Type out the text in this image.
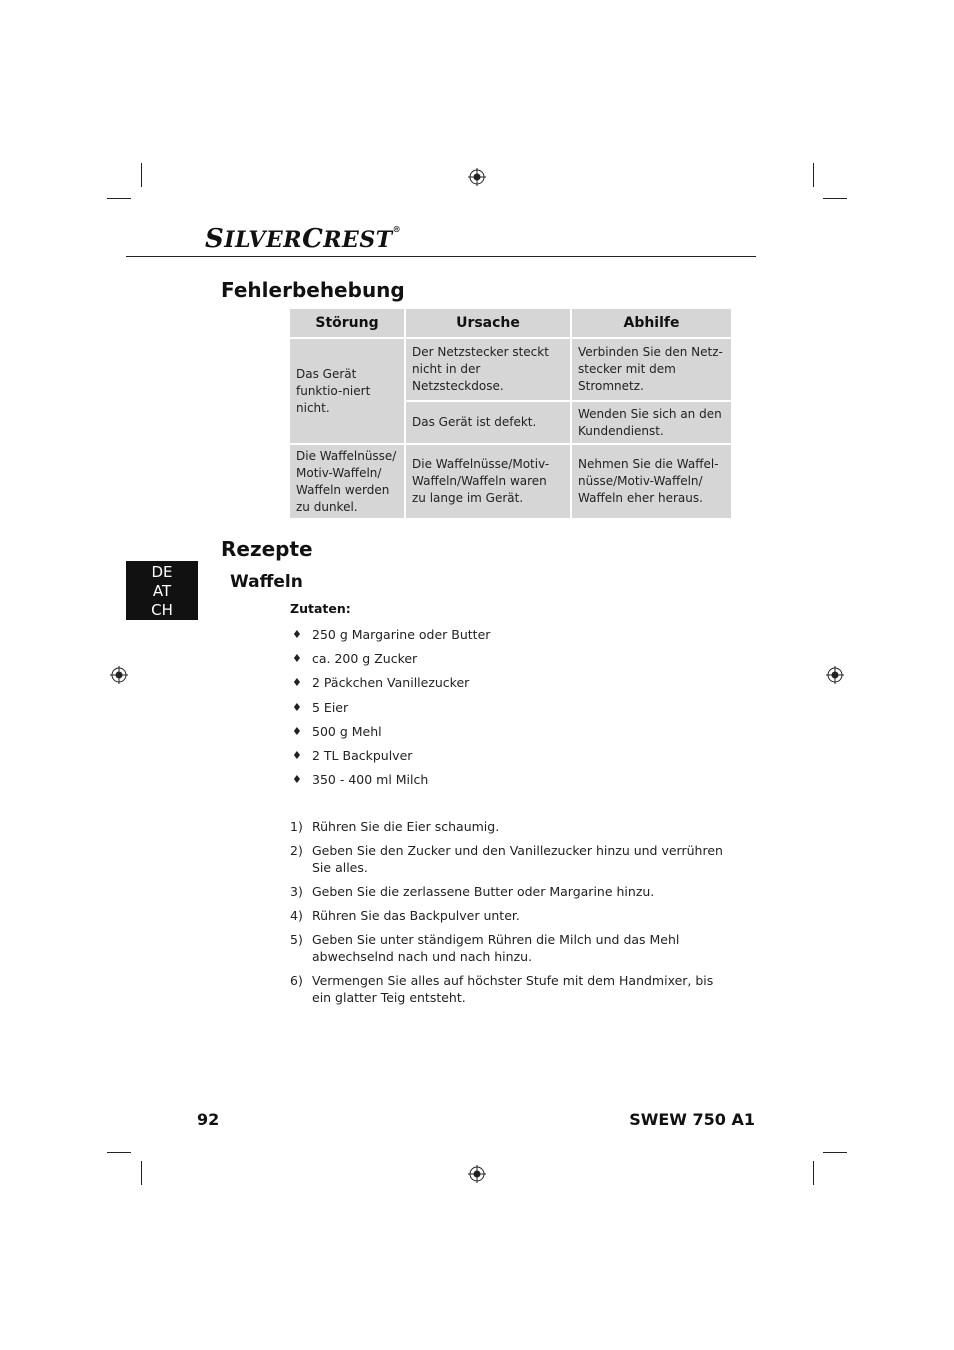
SILVERCREST®
Fehlerbehebung
Störung	Ursache	Abhilfe
Das Gerät funktio-niert nicht.	Der Netzstecker steckt nicht in der Netzsteckdose.	Verbinden Sie den Netz-stecker mit dem Stromnetz.
	Das Gerät ist defekt.	Wenden Sie sich an den Kundendienst.
Die Waffelnüsse/ Motiv-Waffeln/ Waffeln werden zu dunkel.	Die Waffelnüsse/Motiv-Waffeln/Waffeln waren zu lange im Gerät.	Nehmen Sie die Waffel-nüsse/Motiv-Waffeln/ Waffeln eher heraus.
Rezepte
DE
AT
CH
Waffeln
Zutaten:
♦ 250 g Margarine oder Butter
♦ ca. 200 g Zucker
♦ 2 Päckchen Vanillezucker
♦ 5 Eier
♦ 500 g Mehl
♦ 2 TL Backpulver
♦ 350 - 400 ml Milch
1) Rühren Sie die Eier schaumig.
2) Geben Sie den Zucker und den Vanillezucker hinzu und verrühren Sie alles.
3) Geben Sie die zerlassene Butter oder Margarine hinzu.
4) Rühren Sie das Backpulver unter.
5) Geben Sie unter ständigem Rühren die Milch und das Mehl abwechselnd nach und nach hinzu.
6) Vermengen Sie alles auf höchster Stufe mit dem Handmixer, bis ein glatter Teig entsteht.
92	SWEW 750 A1
